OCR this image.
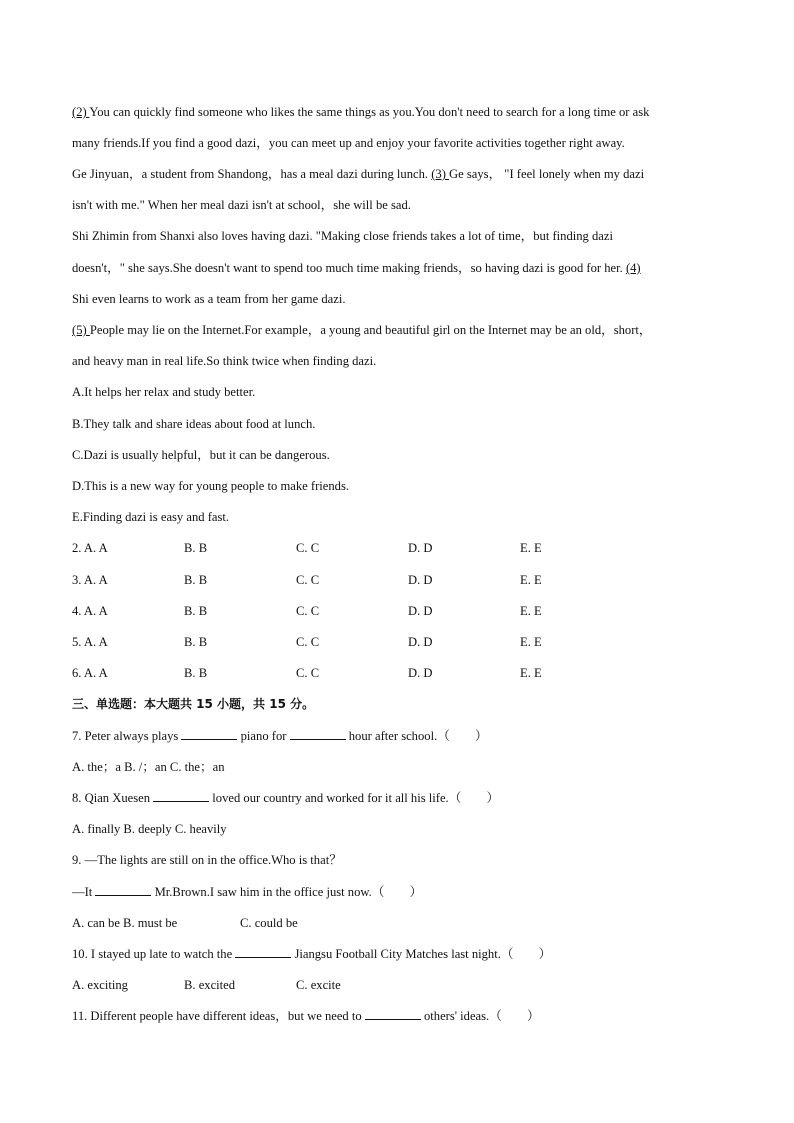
(2) You can quickly find someone who likes the same things as you.You don't need to search for a long time or ask
many friends.If you find a good dazi，you can meet up and enjoy your favorite activities together right away.
Ge Jinyuan，a student from Shandong，has a meal dazi during lunch. (3) Ge says， "I feel lonely when my dazi
isn't with me." When her meal dazi isn't at school，she will be sad.
Shi Zhimin from Shanxi also loves having dazi. "Making close friends takes a lot of time，but finding dazi
doesn't，" she says.She doesn't want to spend too much time making friends，so having dazi is good for her. (4)
Shi even learns to work as a team from her game dazi.
(5) People may lie on the Internet.For example，a young and beautiful girl on the Internet may be an old，short，
and heavy man in real life.So think twice when finding dazi.
A.It helps her relax and study better.
B.They talk and share ideas about food at lunch.
C.Dazi is usually helpful，but it can be dangerous.
D.This is a new way for young people to make friends.
E.Finding dazi is easy and fast.
2. A. A	B. B	C. C	D. D	E. E
3. A. A	B. B	C. C	D. D	E. E
4. A. A	B. B	C. C	D. D	E. E
5. A. A	B. B	C. C	D. D	E. E
6. A. A	B. B	C. C	D. D	E. E
三、单选题：本大题共 15 小题，共 15 分。
7. Peter always plays	piano for	hour after school.（　　）
A. the；a B. /；an C. the；an
8. Qian Xuesen	loved our country and worked for it all his life.（　　）
A. finally B. deeply C. heavily
9. —The lights are still on in the office.Who is that？
—It	Mr.Brown.I saw him in the office just now.（　　）
A. can be B. must be	C. could be
10. I stayed up late to watch the	Jiangsu Football City Matches last night.（　　）
A. exciting	B. excited	C. excite
11. Different people have different ideas，but we need to	others' ideas.（　　）
